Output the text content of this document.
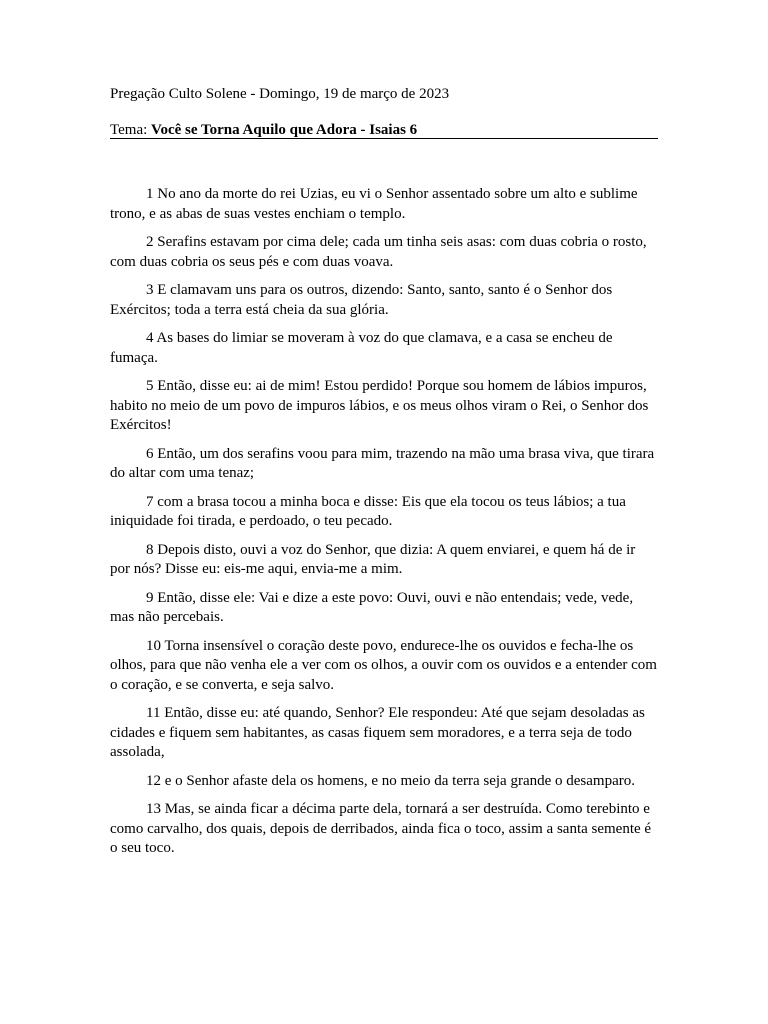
Pregação Culto Solene - Domingo, 19 de março de 2023
Tema: Você se Torna Aquilo que Adora - Isaias 6

1 No ano da morte do rei Uzias, eu vi o Senhor assentado sobre um alto e sublime trono, e as abas de suas vestes enchiam o templo.

2 Serafins estavam por cima dele; cada um tinha seis asas: com duas cobria o rosto, com duas cobria os seus pés e com duas voava.

3 E clamavam uns para os outros, dizendo: Santo, santo, santo é o Senhor dos Exércitos; toda a terra está cheia da sua glória.

4 As bases do limiar se moveram à voz do que clamava, e a casa se encheu de fumaça.

5 Então, disse eu: ai de mim! Estou perdido! Porque sou homem de lábios impuros, habito no meio de um povo de impuros lábios, e os meus olhos viram o Rei, o Senhor dos Exércitos!

6 Então, um dos serafins voou para mim, trazendo na mão uma brasa viva, que tirara do altar com uma tenaz;

7 com a brasa tocou a minha boca e disse: Eis que ela tocou os teus lábios; a tua iniquidade foi tirada, e perdoado, o teu pecado.

8 Depois disto, ouvi a voz do Senhor, que dizia: A quem enviarei, e quem há de ir por nós? Disse eu: eis-me aqui, envia-me a mim.

9 Então, disse ele: Vai e dize a este povo: Ouvi, ouvi e não entendais; vede, vede, mas não percebais.

10 Torna insensível o coração deste povo, endurece-lhe os ouvidos e fecha-lhe os olhos, para que não venha ele a ver com os olhos, a ouvir com os ouvidos e a entender com o coração, e se converta, e seja salvo.

11 Então, disse eu: até quando, Senhor? Ele respondeu: Até que sejam desoladas as cidades e fiquem sem habitantes, as casas fiquem sem moradores, e a terra seja de todo assolada,

12 e o Senhor afaste dela os homens, e no meio da terra seja grande o desamparo.

13 Mas, se ainda ficar a décima parte dela, tornará a ser destruída. Como terebinto e como carvalho, dos quais, depois de derribados, ainda fica o toco, assim a santa semente é o seu toco.
